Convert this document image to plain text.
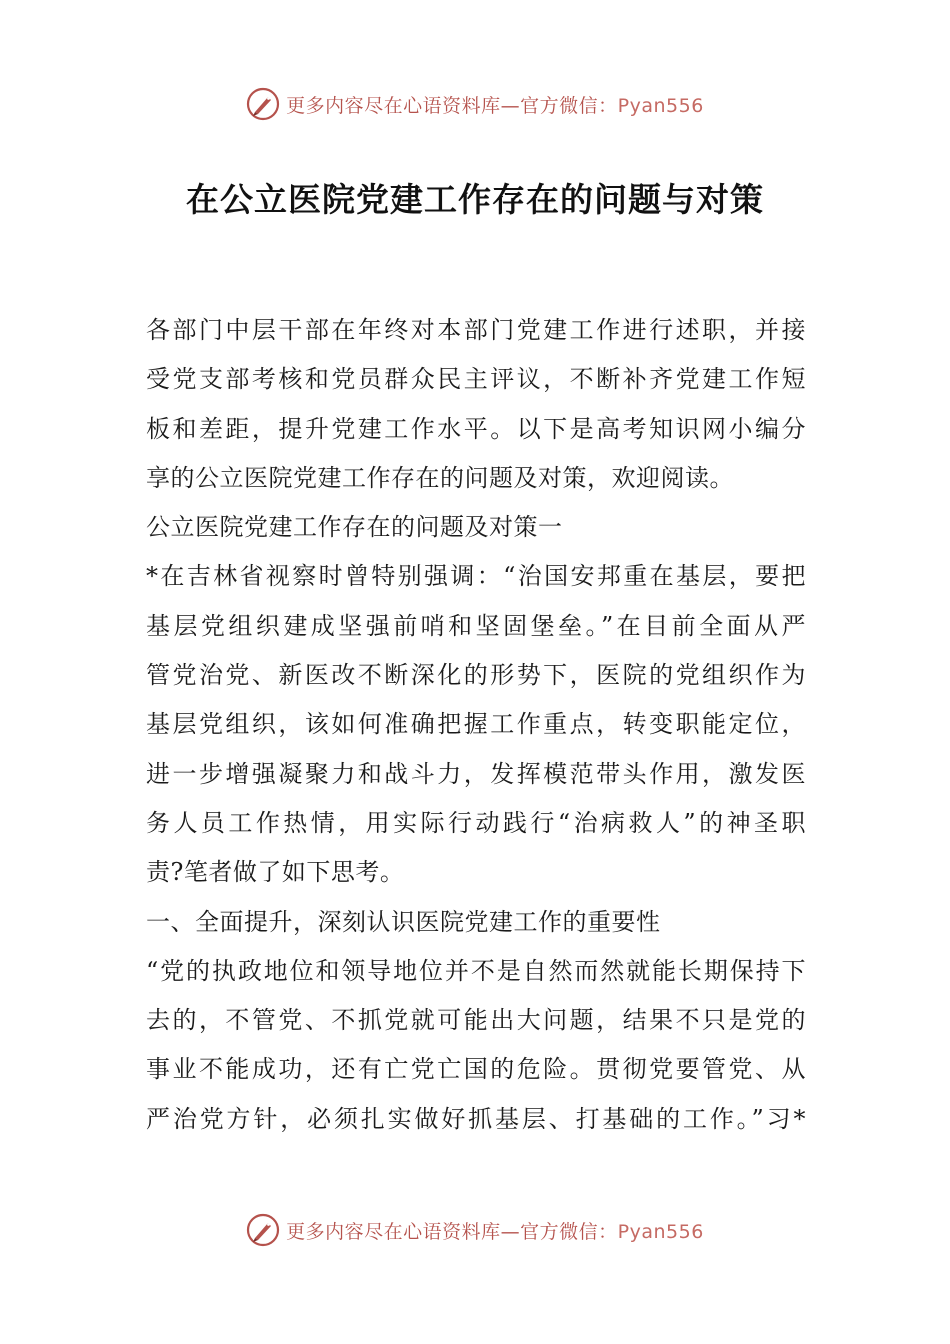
更多内容尽在心语资料库—官方微信：Pyan556
在公立医院党建工作存在的问题与对策
各部门中层干部在年终对本部门党建工作进行述职，并接
受党支部考核和党员群众民主评议，不断补齐党建工作短
板和差距，提升党建工作水平。以下是高考知识网小编分
享的公立医院党建工作存在的问题及对策，欢迎阅读。
公立医院党建工作存在的问题及对策一
*在吉林省视察时曾特别强调：“治国安邦重在基层，要把
基层党组织建成坚强前哨和坚固堡垒。”在目前全面从严
管党治党、新医改不断深化的形势下，医院的党组织作为
基层党组织，该如何准确把握工作重点，转变职能定位，
进一步增强凝聚力和战斗力，发挥模范带头作用，激发医
务人员工作热情，用实际行动践行“治病救人”的神圣职
责?笔者做了如下思考。
一、全面提升，深刻认识医院党建工作的重要性
“党的执政地位和领导地位并不是自然而然就能长期保持下
去的，不管党、不抓党就可能出大问题，结果不只是党的
事业不能成功，还有亡党亡国的危险。贯彻党要管党、从
严治党方针，必须扎实做好抓基层、打基础的工作。”习*
更多内容尽在心语资料库—官方微信：Pyan556
